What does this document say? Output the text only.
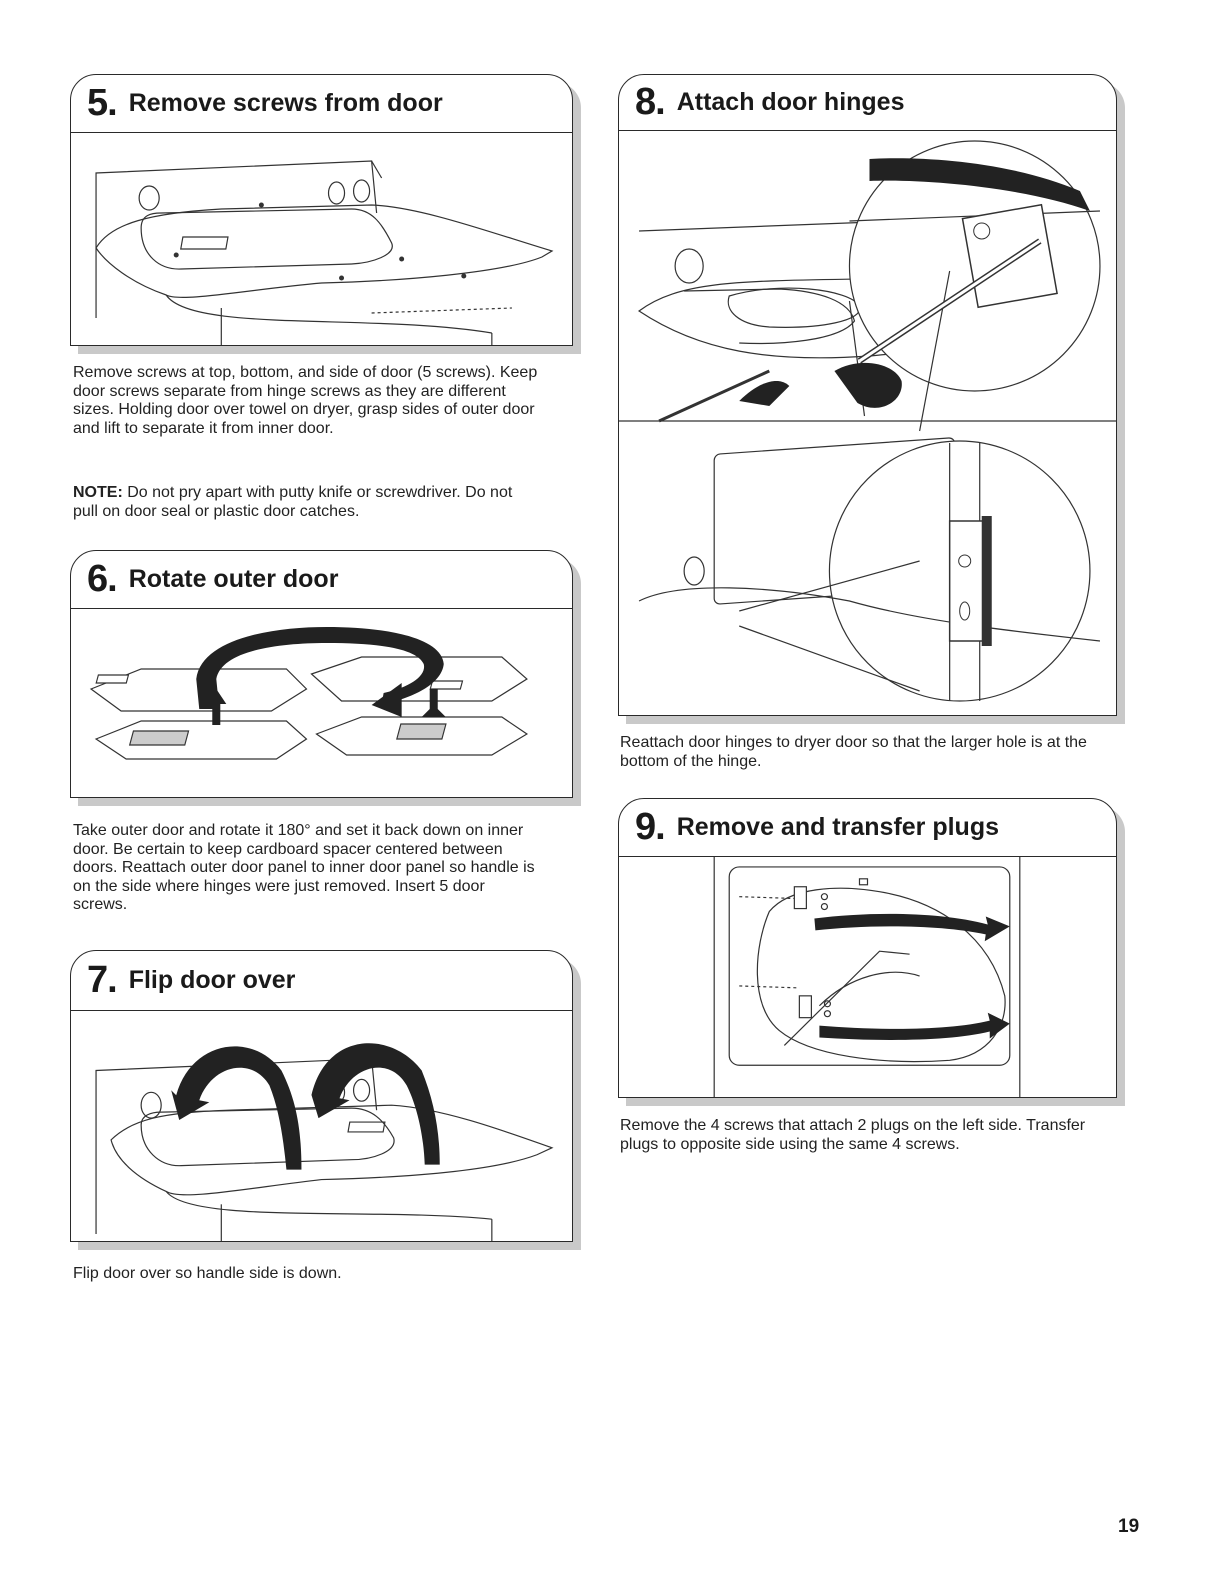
5. Remove screws from door

Remove screws at top, bottom, and side of door (5 screws). Keep door screws separate from hinge screws as they are different sizes. Holding door over towel on dryer, grasp sides of outer door and lift to separate it from inner door.

NOTE: Do not pry apart with putty knife or screwdriver. Do not pull on door seal or plastic door catches.

6. Rotate outer door

Take outer door and rotate it 180° and set it back down on inner door. Be certain to keep cardboard spacer centered between doors. Reattach outer door panel to inner door panel so handle is on the side where hinges were just removed. Insert 5 door screws.

7. Flip door over

Flip door over so handle side is down.

8. Attach door hinges

Reattach door hinges to dryer door so that the larger hole is at the bottom of the hinge.

9. Remove and transfer plugs

Remove the 4 screws that attach 2 plugs on the left side. Transfer plugs to opposite side using the same 4 screws.

19
